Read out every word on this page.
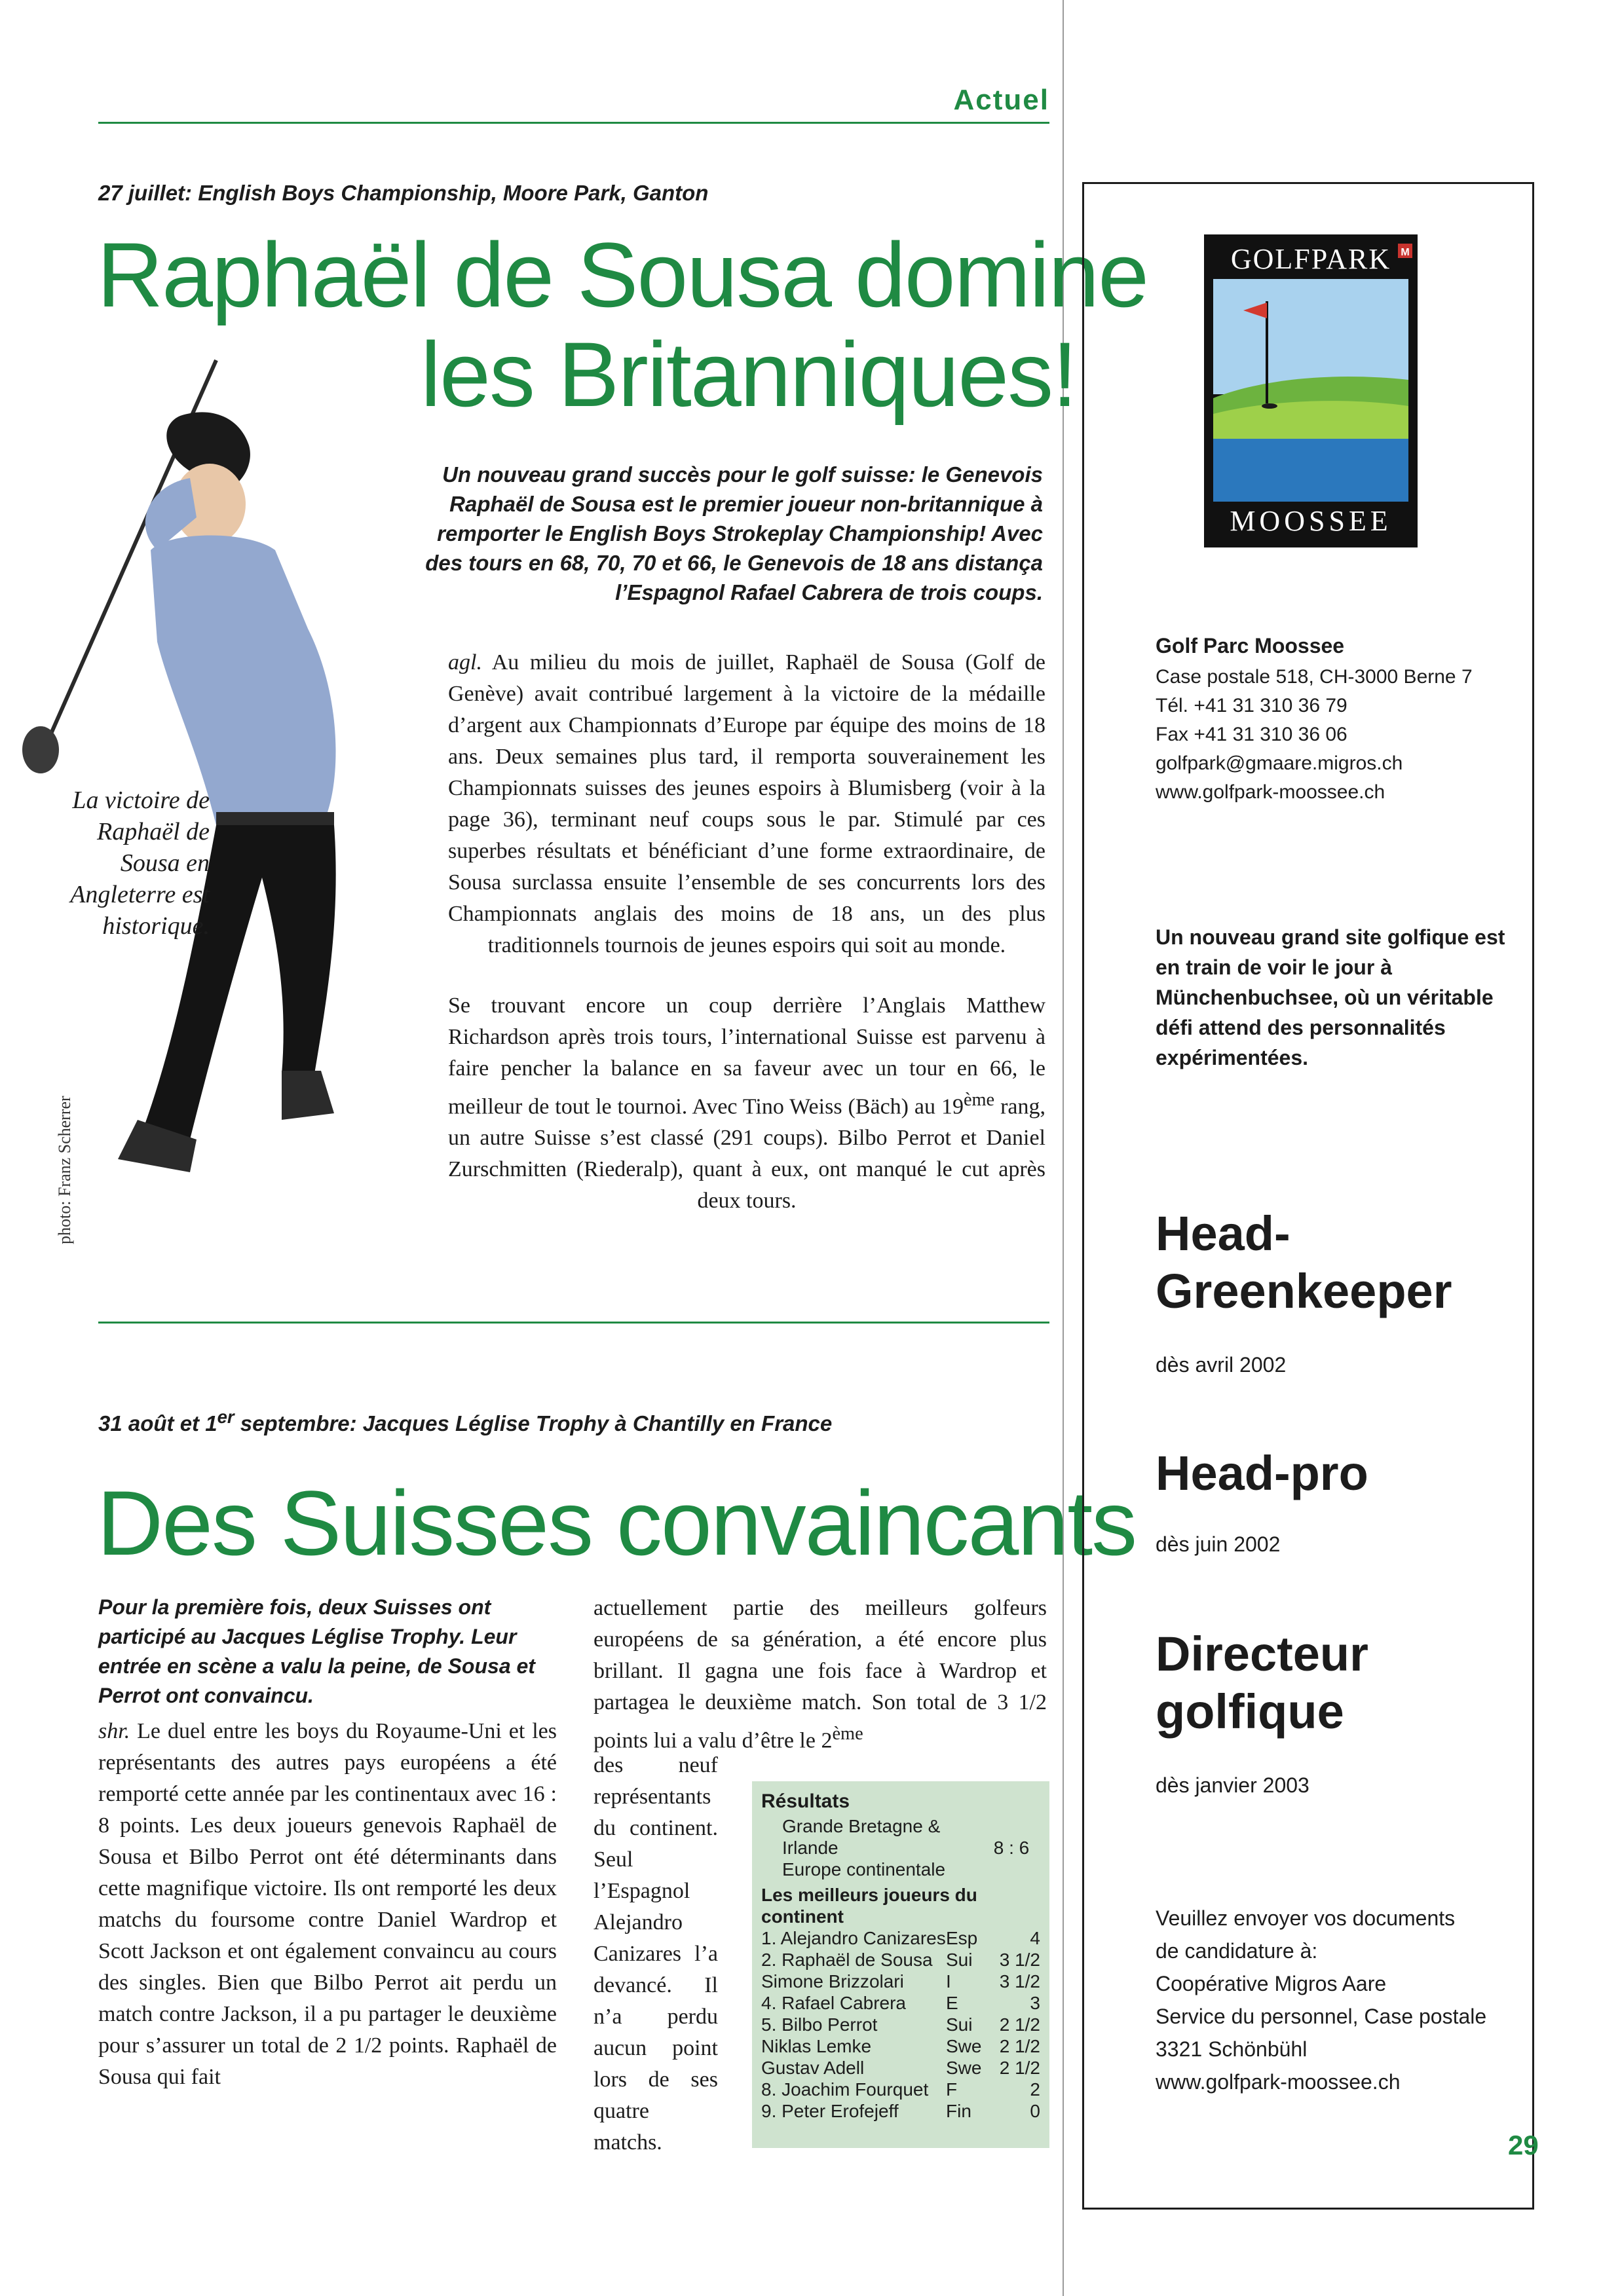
Actuel
27 juillet: English Boys Championship, Moore Park, Ganton
Raphaël de Sousa domine
les Britanniques!
Un nouveau grand succès pour le golf suisse: le Genevois Raphaël de Sousa est le premier joueur non-britannique à remporter le English Boys Strokeplay Championship! Avec des tours en 68, 70, 70 et 66, le Genevois de 18 ans distança l’Espagnol Rafael Cabrera de trois coups.

agl. Au milieu du mois de juillet, Raphaël de Sousa (Golf de Genève) avait contribué largement à la victoire de la médaille d’argent aux Championnats d’Europe par équipe des moins de 18 ans. Deux semaines plus tard, il remporta souverainement les Championnats suisses des jeunes espoirs à Blumisberg (voir à la page 36), terminant neuf coups sous le par. Stimulé par ces superbes résultats et bénéficiant d’une forme extraordinaire, de Sousa surclassa ensuite l’ensemble de ses concurrents lors des Championnats anglais des moins de 18 ans, un des plus traditionnels tournois de jeunes espoirs qui soit au monde.

Se trouvant encore un coup derrière l’Anglais Matthew Richardson après trois tours, l’international Suisse est parvenu à faire pencher la balance en sa faveur avec un tour en 66, le meilleur de tout le tournoi. Avec Tino Weiss (Bäch) au 19ème rang, un autre Suisse s’est classé (291 coups). Bilbo Perrot et Daniel Zurschmitten (Riederalp), quant à eux, ont manqué le cut après deux tours.

La victoire de Raphaël de Sousa en Angleterre est historique.
photo: Franz Scherrer
31 août et 1er septembre: Jacques Léglise Trophy à Chantilly en France
Des Suisses convaincants
Pour la première fois, deux Suisses ont participé au Jacques Léglise Trophy. Leur entrée en scène a valu la peine, de Sousa et Perrot ont convaincu.
shr. Le duel entre les boys du Royaume-Uni et les représentants des autres pays européens a été remporté cette année par les continentaux avec 16 : 8 points. Les deux joueurs genevois Raphaël de Sousa et Bilbo Perrot ont été déterminants dans cette magnifique victoire. Ils ont remporté les deux matchs du foursome contre Daniel Wardrop et Scott Jackson et ont également convaincu au cours des singles. Bien que Bilbo Perrot ait perdu un match contre Jackson, il a pu partager le deuxième pour s’assurer un total de 2 1/2 points. Raphaël de Sousa qui fait
actuellement partie des meilleurs golfeurs européens de sa génération, a été encore plus brillant. Il gagna une fois face à Wardrop et partagea le deuxième match. Son total de 3 1/2 points lui a valu d’être le 2ème
des neuf représentants du continent. Seul l’Espagnol Alejandro Canizares l’a devancé. Il n’a perdu aucun point lors de ses quatre matchs.
Résultats
Grande Bretagne & Irlande
Europe continentale
8 : 6
Les meilleurs joueurs du continent
1. Alejandro Canizares Esp	4
2. Raphaël de Sousa Sui	3 1/2
Simone Brizzolari	I	3 1/2
4. Rafael Cabrera	E	3
5. Bilbo Perrot	Sui	2 1/2
Niklas Lemke	Swe 2 1/2
Gustav Adell	Swe 2 1/2
8. Joachim Fourquet F	2
9. Peter Erofejeff	Fin	0
GOLFPARK M
MOOSSEE
Golf Parc Moossee
Case postale 518, CH-3000 Berne 7
Tél. +41 31 310 36 79
Fax +41 31 310 36 06
golfpark@gmaare.migros.ch
www.golfpark-moossee.ch
Un nouveau grand site golfique est en train de voir le jour à Münchenbuchsee, où un véritable défi attend des personnalités expérimentées.
Head-Greenkeeper
dès avril 2002
Head-pro
dès juin 2002
Directeur golfique
dès janvier 2003
Veuillez envoyer vos documents
de candidature à:
Coopérative Migros Aare
Service du personnel, Case postale
3321 Schönbühl
www.golfpark-moossee.ch
29
